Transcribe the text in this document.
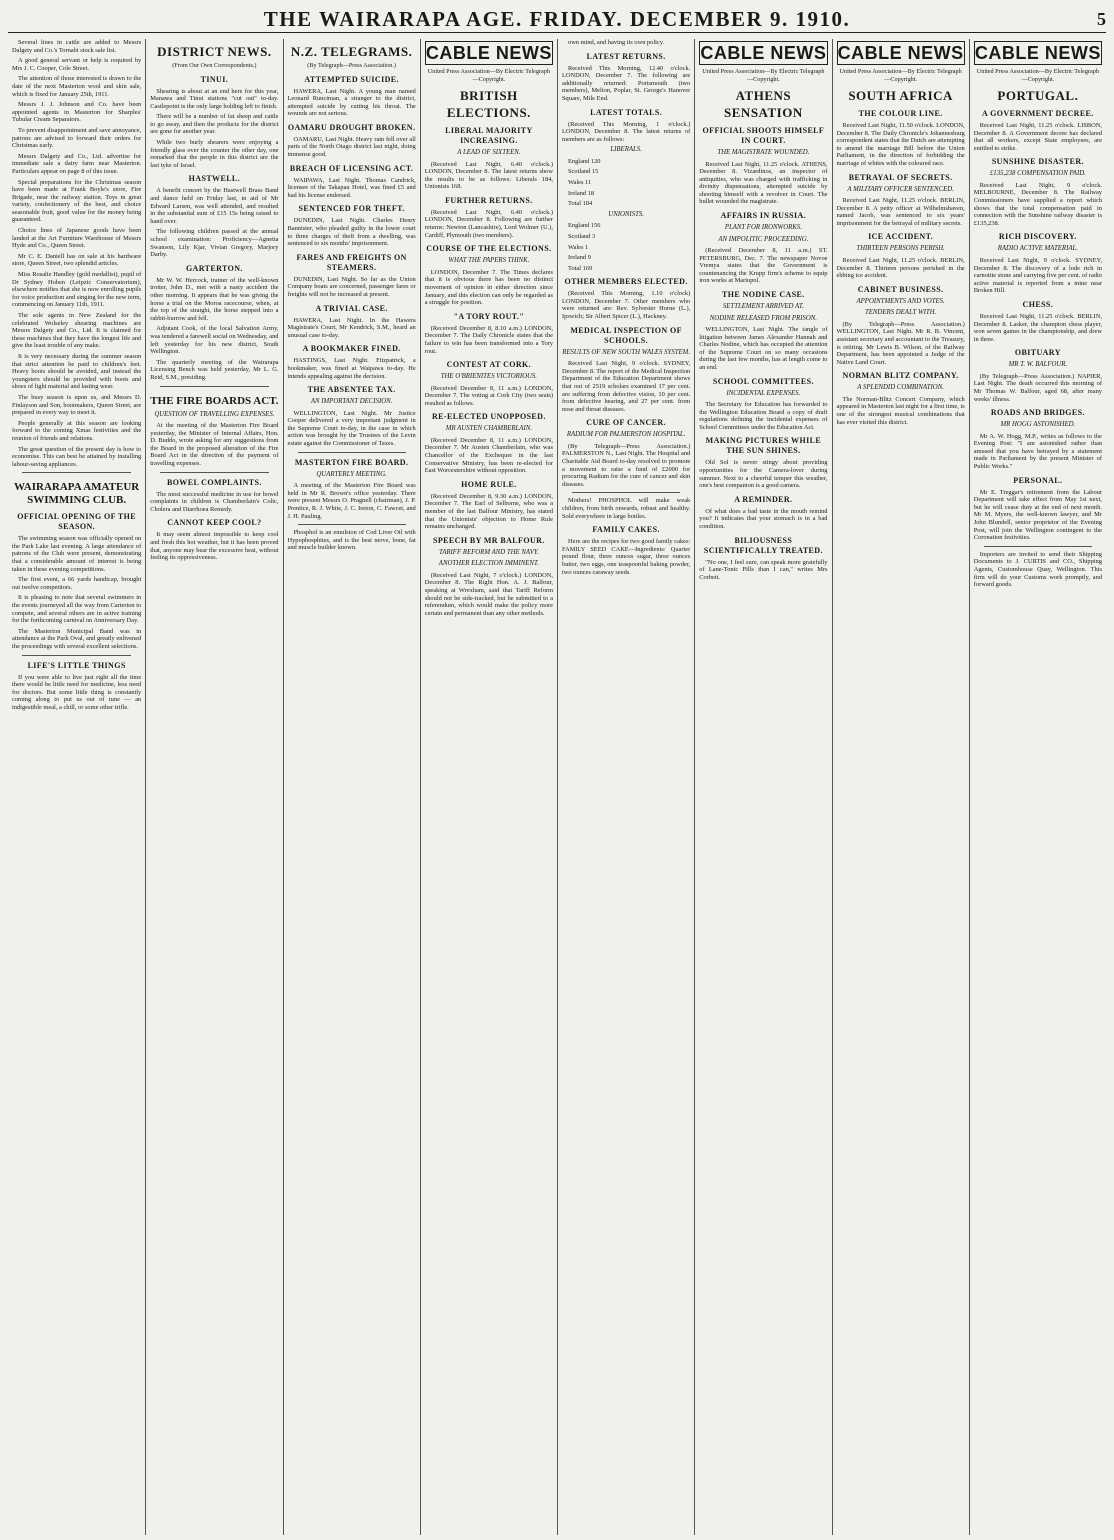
THE WAIRARAPA AGE. FRIDAY. DECEMBER 9. 1910.	5

Several lines in cattle are added to Messrs Dalgety and Co.'s Tornabi stock sale list.

A good general servant or help is required by Mrs J. C. Cooper, Cole Street.

The attention of those interested is drawn to the date of the next Masterton wool and skin sale, which is fixed for January 25th, 1911.

Messrs J. J. Johnson and Co. have been appointed agents in Masterton for Sharples' Tubular Cream Separators.

To prevent disappointment and save annoyance, patrons are advised to forward their orders for Christmas early.

Messrs Dalgety and Co., Ltd. advertise for immediate sale a dairy farm near Masterton. Particulars appear on page 8 of this issue.

Special preparations for the Christmas season have been made at Frank Boyle's store, Fire Brigade, near the railway station. Toys in great variety, confectionery of the best, and choice seasonable fruit, good value for the money being guaranteed.

Choice lines of Japanese goods have been landed at the Art Furniture Warehouse of Messrs Hyde and Co., Queen Street.

Mr C. E. Daniell has on sale at his hardware store, Queen Street, two splendid articles.

Miss Rosalie Handley (gold medallist), pupil of Dr Sydney Hoben (Leipzic Conservatorium), elsewhere notifies that she is now enrolling pupils for voice production and singing for the new term, commencing on January 11th, 1911.

The sole agents in New Zealand for the celebrated Wolseley shearing machines are Messrs Dalgety and Co., Ltd. It is claimed for these machines that they have the longest life and give the least trouble of any make.

It is very necessary during the summer season that strict attention be paid to children's feet. Heavy boots should be avoided, and instead the youngsters should be provided with boots and shoes of light material and lasting wear.

The busy season is upon us, and Messrs D. Finlayson and Son, bootmakers, Queen Street, are prepared in every way to meet it.

People generally at this season are looking forward to the coming Xmas festivities and the reunion of friends and relations.

The great question of the present day is how to economise. This can best be attained by installing labour-saving appliances.

WAIRARAPA AMATEUR SWIMMING CLUB.
OFFICIAL OPENING OF THE SEASON.

The swimming season was officially opened on the Park Lake last evening. A large attendance of patrons of the Club were present, demonstrating that a considerable amount of interest is being taken in these evening competitions.

The first event, a 66 yards handicap, brought out twelve competitors.

It is pleasing to note that several swimmers in the events journeyed all the way from Carterton to compete, and several others are in active training for the forthcoming carnival on Anniversary Day.

The Masterton Municipal Band was in attendance at the Park Oval, and greatly enlivened the proceedings with several excellent selections.

LIFE'S LITTLE THINGS

If you were able to live just right all the time there would be little need for medicine, less need for doctors. But some little thing is constantly coming along to put us out of tune — an indigestible meal, a chill, or some other trifle.

DISTRICT NEWS.
(From Our Own Correspondents.)
TINUI.

Shearing is about at an end here for this year, Manawa and Tinui stations "cut out" to-day. Castlepoint is the only large holding left to finish.

There will be a number of fat sheep and cattle to go away, and then the products for the district are gone for another year.

While two burly shearers were enjoying a friendly glass over the counter the other day, one remarked that the people in this district are the last tyke of Israel.

HASTWELL.

A benefit concert by the Hastwell Brass Band and dance held on Friday last, in aid of Mr Edward Larsen, was well attended, and resulted in the substantial sum of £15 15s being raised to hand over.

The following children passed at the annual school examination: Proficiency—Agnetta Swanson, Lily Kjar, Vivian Gregory, Marjory Darby.

GARTERTON.

Mr W. W. Hercock, trainer of the well-known trotter, John D., met with a nasty accident the other morning. It appears that he was giving the horse a trial on the Moroa racecourse, when, at the top of the straight, the horse stepped into a rabbit-burrow and fell.

Adjutant Cook, of the local Salvation Army, was tendered a farewell social on Wednesday, and left yesterday for his new district, South Wellington.

The quarterly meeting of the Wairarapa Licensing Bench was held yesterday, Mr L. G. Reid, S.M., presiding.

THE FIRE BOARDS ACT.
QUESTION OF TRAVELLING EXPENSES.

At the meeting of the Masterton Fire Board yesterday, the Minister of Internal Affairs, Hon. D. Buddo, wrote asking for any suggestions from the Board in the proposed alteration of the Fire Board Act in the direction of the payment of travelling expenses.

BOWEL COMPLAINTS.

The most successful medicine in use for bowel complaints in children is Chamberlain's Colic, Cholera and Diarrhoea Remedy.

CANNOT KEEP COOL?

It may seem almost impossible to keep cool and fresh this hot weather, but it has been proved that, anyone may bear the excessive heat, without feeling its oppressiveness.

N.Z. TELEGRAMS.
(By Telegraph—Press Association.)
ATTEMPTED SUICIDE.

HAWERA, Last Night. A young man named Leonard Runciman, a stranger to the district, attempted suicide by cutting his throat. The wounds are not serious.

OAMARU DROUGHT BROKEN.

OAMARU, Last Night. Heavy rain fell over all parts of the North Otago district last night, doing immense good.

BREACH OF LICENSING ACT.

WAIPAWA, Last Night. Thomas Candrick, licensee of the Takapau Hotel, was fined £5 and had his license endorsed.

SENTENCED FOR THEFT.

DUNEDIN, Last Night. Charles Henry Bannister, who pleaded guilty in the lower court to three charges of theft from a dwelling, was sentenced to six months' imprisonment.

FARES AND FREIGHTS ON STEAMERS.

DUNEDIN, Last Night. So far as the Union Company boats are concerned, passenger fares or freights will not be increased at present.

A TRIVIAL CASE.

HAWERA, Last Night. In the Hawera Magistrate's Court, Mr Kendrick, S.M., heard an unusual case to-day.

A BOOKMAKER FINED.

HASTINGS, Last Night. Fitzpatrick, a bookmaker, was fined at Waipawa to-day. He intends appealing against the decision.

THE ABSENTEE TAX.
AN IMPORTANT DECISION.

WELLINGTON, Last Night. Mr Justice Cooper delivered a very important judgment in the Supreme Court to-day, in the case in which action was brought by the Trustees of the Levin estate against the Commissioner of Taxes.

MASTERTON FIRE BOARD.
QUARTERLY MEETING.

A meeting of the Masterton Fire Board was held in Mr R. Brown's office yesterday. There were present Messrs O. Pragnell (chairman), J. P. Prentice, R. J. White, J. C. Ireton, C. Fawcet, and J. H. Pauling.

Phosphol is an emulsion of Cod Liver Oil with Hypophosphites, and is the best nerve, bone, fat and muscle builder known.

CABLE NEWS
United Press Association—By Electric Telegraph—Copyright.
BRITISH ELECTIONS.
LIBERAL MAJORITY INCREASING.
A LEAD OF SIXTEEN.

(Received Last Night, 6.40 o'clock.) LONDON, December 8. The latest returns show the results to be as follows: Liberals 184, Unionists 168.

FURTHER RETURNS.

(Received Last Night, 6.40 o'clock.) LONDON, December 8. Following are further returns: Newton (Lancashire), Lord Wolmer (U.), Cardiff, Plymouth (two members).

COURSE OF THE ELECTIONS.
WHAT THE PAPERS THINK.

LONDON, December 7. The Times declares that it is obvious there has been no distinct movement of opinion in either direction since January, and this election can only be regarded as a struggle for position.

"A TORY ROUT."

(Received December 8, 8.10 a.m.) LONDON, December 7. The Daily Chronicle states that the failure to win has been transformed into a Tory rout.

CONTEST AT CORK.
THE O'BRIENITES VICTORIOUS.

(Received December 8, 11 a.m.) LONDON, December 7. The voting at Cork City (two seats) resulted as follows.

RE-ELECTED UNOPPOSED.
MR AUSTEN CHAMBERLAIN.

(Received December 8, 11 a.m.) LONDON, December 7. Mr Austen Chamberlain, who was Chancellor of the Exchequer in the last Conservative Ministry, has been re-elected for East Worcestershire without opposition.

HOME RULE.

(Received December 8, 9.30 a.m.) LONDON, December 7. The Earl of Selborne, who was a member of the last Balfour Ministry, has stated that the Unionists' objection to Home Rule remains unchanged.

SPEECH BY MR BALFOUR.
TARIFF REFORM AND THE NAVY.
ANOTHER ELECTION IMMINENT.

(Received Last Night, 7 o'clock.) LONDON, December 8. The Right Hon. A. J. Balfour, speaking at Wrexham, said that Tariff Reform should not be side-tracked, but he submitted to a referendum, which would make the policy more certain and permanent than any other methods.

own mind, and having its own policy.

LATEST RETURNS.

Received This Morning, 12.40 o'clock. LONDON, December 7. The following are additionally returned: Portsmouth (two members), Melton, Poplar, St. George's Hanover Square, Mile End.

LATEST TOTALS.

(Received This Morning, 1 o'clock.) LONDON, December 8. The latest returns of members are as follows:

LIBERALS.

England 120

Scotland 15

Wales 11

Ireland 18

Total 184

UNIONISTS.

England 156

Scotland 3

Wales 1

Ireland 9

Total 169

OTHER MEMBERS ELECTED.

(Received This Morning, 1.10 o'clock) LONDON, December 7. Other members who were returned are: Rev. Sylvester Horne (L.), Ipswich; Sir Albert Spicer (L.), Hackney.

MEDICAL INSPECTION OF SCHOOLS.
RESULTS OF NEW SOUTH WALES SYSTEM.

Received Last Night, 9 o'clock. SYDNEY, December 8. The report of the Medical Inspection Department of the Education Department shows that out of 2519 scholars examined 17 per cent. are suffering from defective vision, 10 per cent. from defective hearing, and 27 per cent. from nose and throat diseases.

CURE OF CANCER.
RADIUM FOR PALMERSTON HOSPITAL.

(By Telegraph—Press Association.) PALMERSTON N., Last Night. The Hospital and Charitable Aid Board to-day resolved to promote a movement to raise a fund of £2000 for procuring Radium for the cure of cancer and skin diseases.

Mothers! PHOSPHOL will make weak children, from birth onwards, robust and healthy. Sold everywhere in large bottles.

FAMILY CAKES.

Here are the recipes for two good family cakes: FAMILY SEED CAKE—Ingredients: Quarter pound flour, three ounces sugar, three ounces butter, two eggs, one teaspoonful baking powder, two ounces caraway seeds.

CABLE NEWS
United Press Association—By Electric Telegraph—Copyright.
ATHENS SENSATION
OFFICIAL SHOOTS HIMSELF IN COURT.
THE MAGISTRATE WOUNDED.

Received Last Night, 11.25 o'clock. ATHENS, December 8. Vizardinos, an inspector of antiquities, who was charged with trafficking in divinity dispensations, attempted suicide by shooting himself with a revolver in Court. The bullet wounded the magistrate.

AFFAIRS IN RUSSIA.
PLANT FOR IRONWORKS.
AN IMPOLITIC PROCEEDING.

(Received December 8, 11 a.m.) ST. PETERSBURG, Dec. 7. The newspaper Novoe Vremya states that the Government is countenancing the Krupp firm's scheme to equip iron works at Mariupol.

THE NODINE CASE.
SETTLEMENT ARRIVED AT.
NODINE RELEASED FROM PRISON.

WELLINGTON, Last Night. The tangle of litigation between James Alexander Hannah and Charles Nodine, which has occupied the attention of the Supreme Court on so many occasions during the last few months, has at length come to an end.

SCHOOL COMMITTEES.
INCIDENTAL EXPENSES.

The Secretary for Education has forwarded to the Wellington Education Board a copy of draft regulations defining the incidental expenses of School Committees under the Education Act.

MAKING PICTURES WHILE THE SUN SHINES.

Old Sol is never stingy about providing opportunities for the Camera-lover during summer. Next to a cheerful temper this weather, one's best companion is a good camera.

A REMINDER.

Of what does a bad taste in the mouth remind you? It indicates that your stomach is in a bad condition.

BILIOUSNESS SCIENTIFICALLY TREATED.

"No one, I feel sure, can speak more gratefully of Lane-Tonic Pills than I can," writes Mrs Corbett.

CABLE NEWS
United Press Association—By Electric Telegraph—Copyright.
SOUTH AFRICA
THE COLOUR LINE.

Received Last Night, 11.50 o'clock. LONDON, December 8. The Daily Chronicle's Johannesburg correspondent states that the Dutch are attempting to amend the marriage Bill before the Union Parliament, in the direction of forbidding the marriage of whites with the coloured race.

BETRAYAL OF SECRETS.
A MILITARY OFFICER SENTENCED.

Received Last Night, 11.25 o'clock. BERLIN, December 8. A petty officer at Wilhelmshaven, named Jacob, was sentenced to six years' imprisonment for the betrayal of military secrets.

ICE ACCIDENT.
THIRTEEN PERSONS PERISH.

Received Last Night, 11.25 o'clock. BERLIN, December 8. Thirteen persons perished in the ebbing ice accident.

CABINET BUSINESS.
APPOINTMENTS AND VOTES.
TENDERS DEALT WITH.

(By Telegraph—Press Association.) WELLINGTON, Last Night. Mr R. B. Vincent, assistant secretary and accountant to the Treasury, is retiring. Mr Lewis B. Wilson, of the Railway Department, has been appointed a Judge of the Native Land Court.

NORMAN BLITZ COMPANY.
A SPLENDID COMBINATION.

The Norman-Blitz Concert Company, which appeared in Masterton last night for a first time, is one of the strongest musical combinations that has ever visited this district.

CABLE NEWS
United Press Association—By Electric Telegraph—Copyright.
PORTUGAL.
A GOVERNMENT DECREE.

Received Last Night, 11.25 o'clock. LISBON, December 8. A Government decree has declared that all workers, except State employees, are entitled to strike.

SUNSHINE DISASTER.
£135,238 COMPENSATION PAID.

Received Last Night, 9 o'clock. MELBOURNE, December 8. The Railway Commissioners have supplied a report which shows that the total compensation paid in connection with the Sunshine railway disaster is £135,238.

RICH DISCOVERY.
RADIO ACTIVE MATERIAL.

Received Last Night, 9 o'clock. SYDNEY, December 8. The discovery of a lode rich in carnotite stone and carrying five per cent. of radio active material is reported from a mine near Broken Hill.

CHESS.

Received Last Night, 11.25 o'clock. BERLIN, December 8. Lasker, the champion chess player, won seven games in the championship, and drew in three.

OBITUARY
MR T. W. BALFOUR.

(By Telegraph—Press Association.) NAPIER, Last Night. The death occurred this morning of Mr Thomas W. Balfour, aged 68, after many weeks' illness.

ROADS AND BRIDGES.
MR HOGG ASTONISHED.

Mr A. W. Hogg, M.P., writes as follows to the Evening Post: "I am astonished rather than amused that you have betrayed by a statement made in Parliament by the present Minister of Public Works."

PERSONAL.

Mr E. Treggar's retirement from the Labour Department will take effect from May 1st next, but he will cease duty at the end of next month. Mr M. Myers, the well-known lawyer, and Mr John Blundell, senior proprietor of the Evening Post, will join the Wellington contingent to the Coronation festivities.

Importers are invited to send their Shipping Documents to J. CURTIS and CO., Shipping Agents, Customhouse Quay, Wellington. This firm will do your Customs work promptly, and forward goods.
